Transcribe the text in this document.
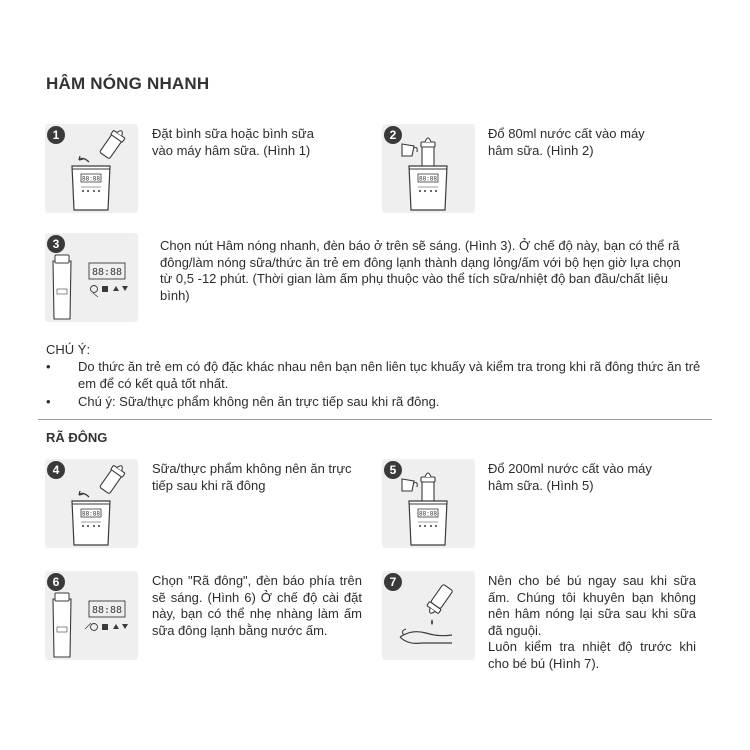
HÂM NÓNG NHANH
88:88
1	Đặt bình sữa hoặc bình sữa vào máy hâm sữa. (Hình 1)
88:88
2	Đổ 80ml nước cất vào máy hâm sữa. (Hình 2)
88:88
3	Chọn nút Hâm nóng nhanh, đèn báo ở trên sẽ sáng. (Hình 3). Ở chế độ này, bạn có thể rã đông/làm nóng sữa/thức ăn trẻ em đông lạnh thành dạng lỏng/ấm với bộ hẹn giờ lựa chọn từ 0,5 -12 phút. (Thời gian làm ấm phụ thuộc vào thể tích sữa/nhiệt độ ban đầu/chất liệu bình)
CHÚ Ý:
•	Do thức ăn trẻ em có độ đặc khác nhau nên bạn nên liên tục khuấy và kiểm tra trong khi rã đông thức ăn trẻ em để có kết quả tốt nhất.
•	Chú ý: Sữa/thực phẩm không nên ăn trực tiếp sau khi rã đông.
RÃ ĐÔNG
88:88
4	Sữa/thực phẩm không nên ăn trực tiếp sau khi rã đông
88:88
5	Đổ 200ml nước cất vào máy hâm sữa. (Hình 5)
88:88
6	Chọn "Rã đông", đèn báo phía trên sẽ sáng. (Hình 6) Ở chế độ cài đặt này, bạn có thể nhẹ nhàng làm ấm sữa đông lạnh bằng nước ấm.
7	Nên cho bé bú ngay sau khi sữa ấm. Chúng tôi khuyên bạn không nên hâm nóng lại sữa sau khi sữa đã nguội.
Luôn kiểm tra nhiệt độ trước khi cho bé bú (Hình 7).
